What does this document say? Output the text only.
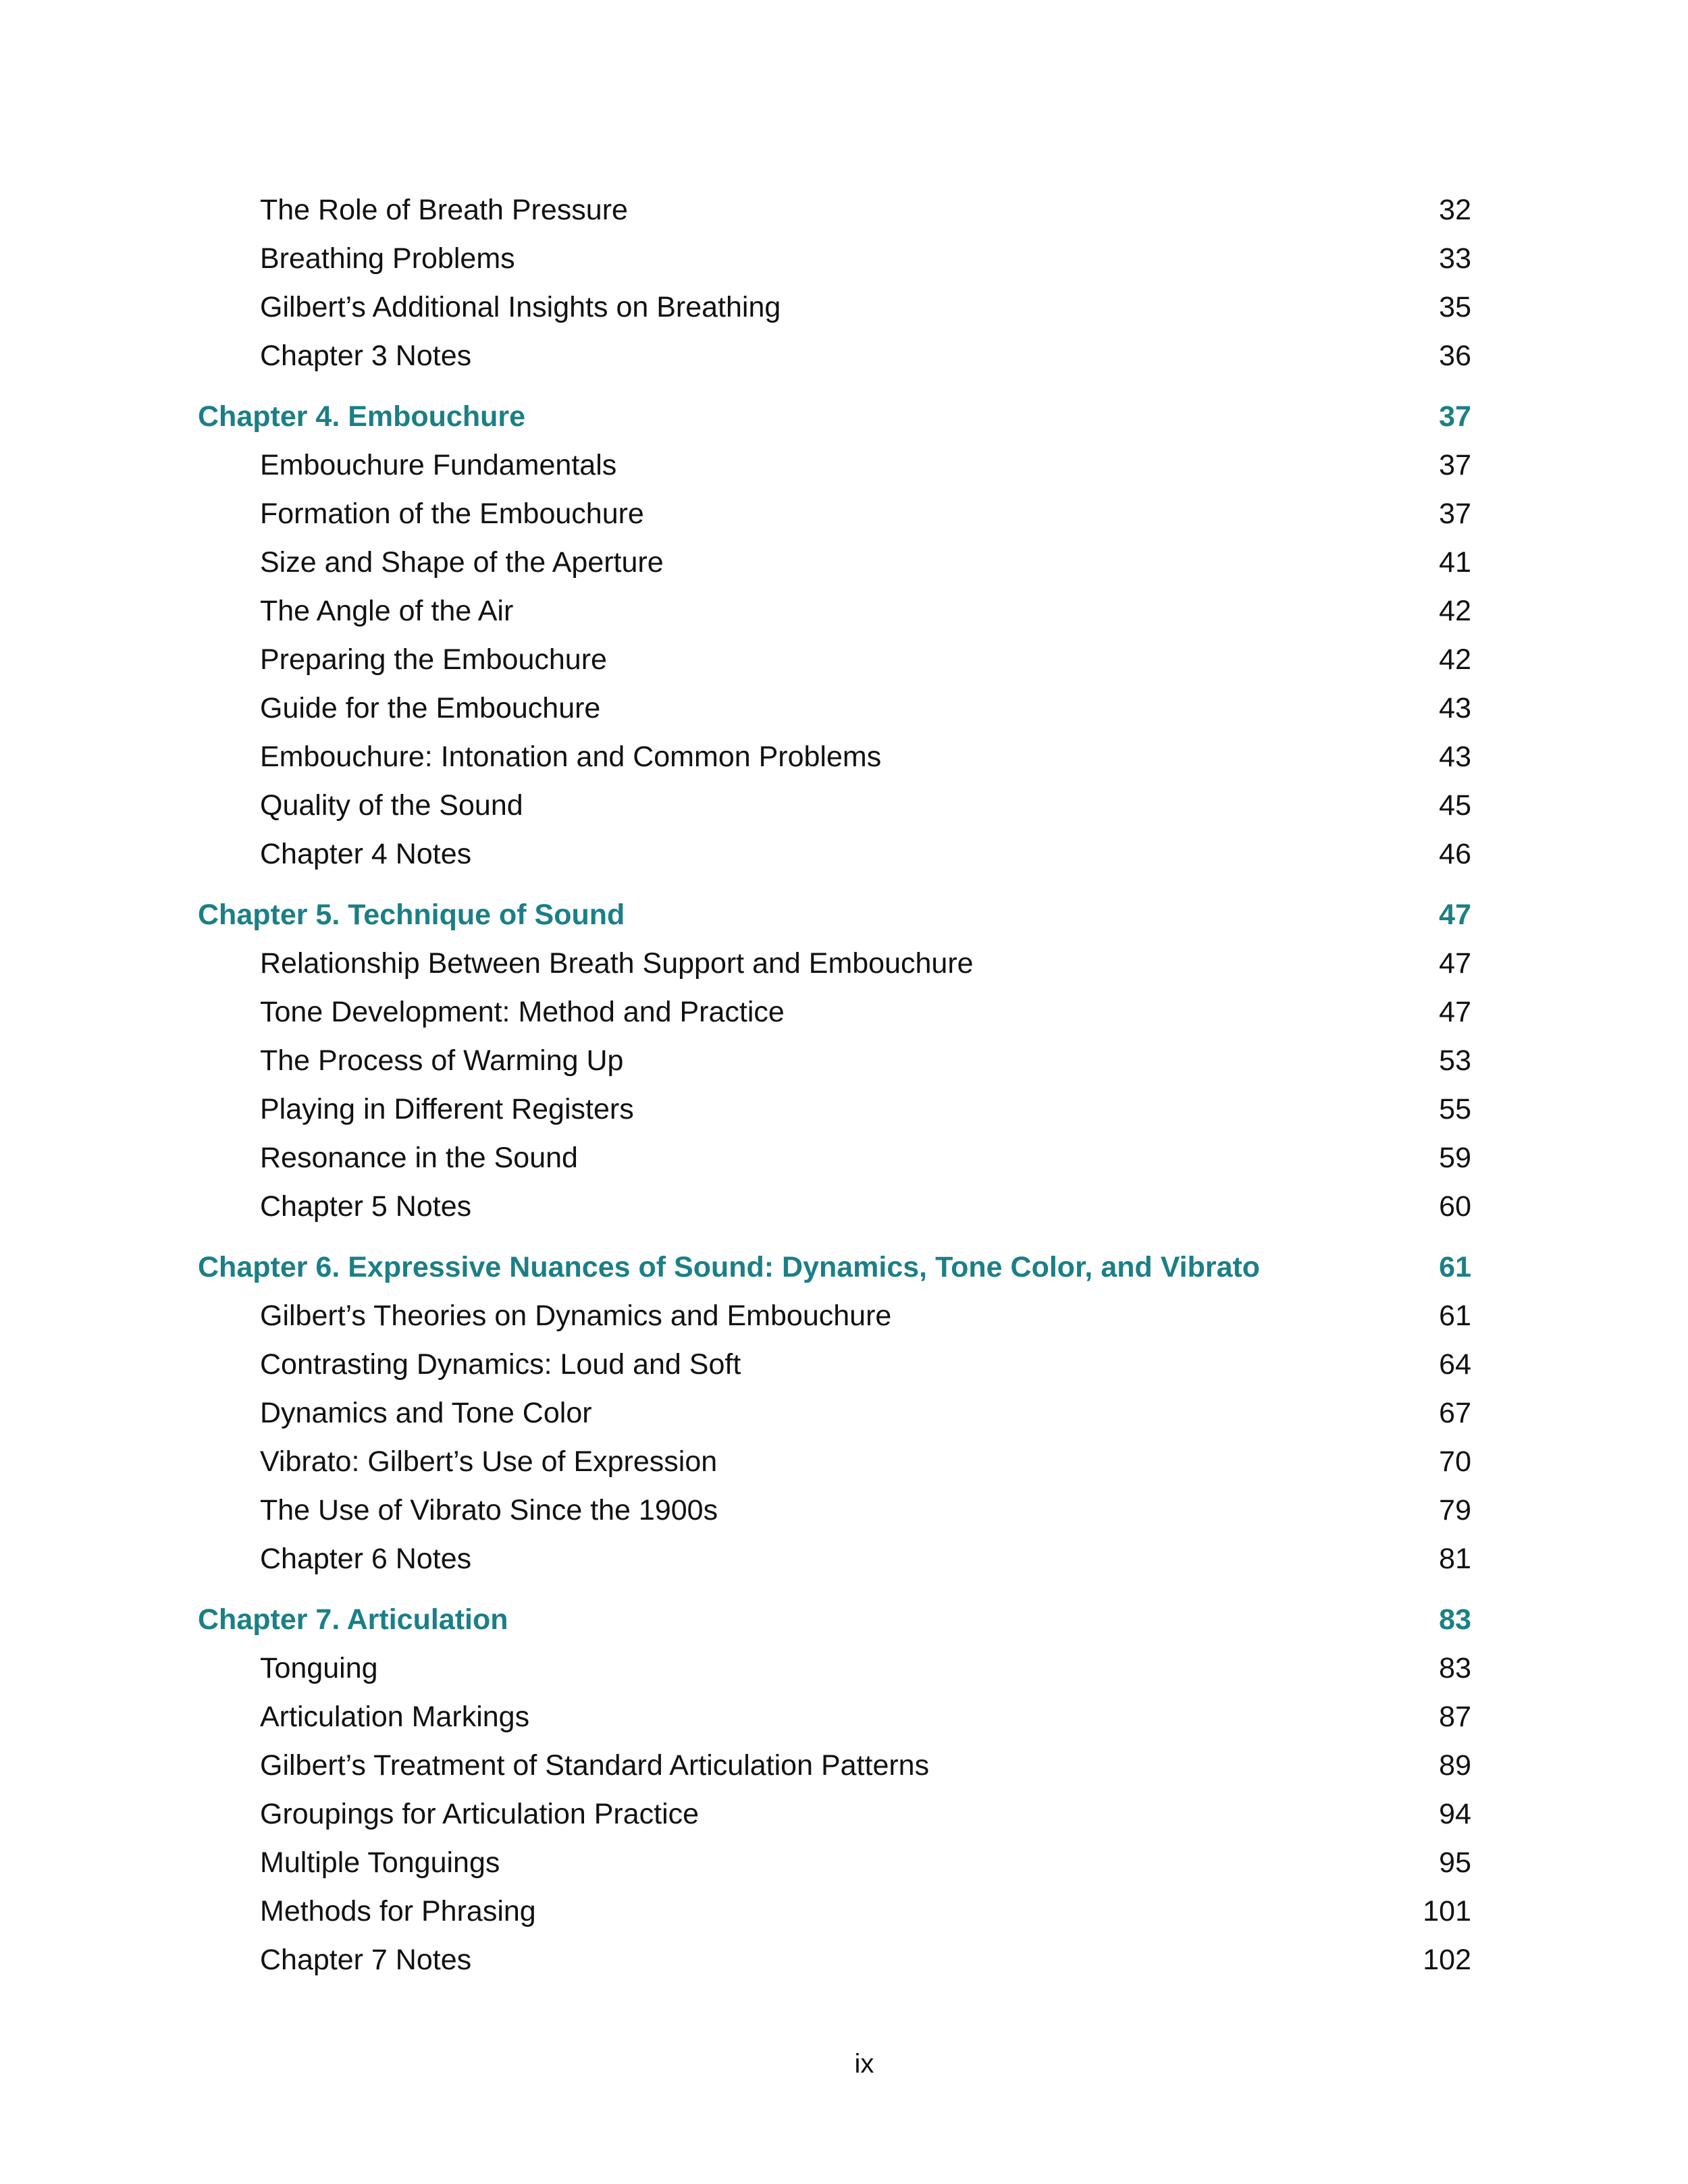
The Role of Breath Pressure	32
Breathing Problems	33
Gilbert’s Additional Insights on Breathing	35
Chapter 3 Notes	36
Chapter 4. Embouchure	37
Embouchure Fundamentals	37
Formation of the Embouchure	37
Size and Shape of the Aperture	41
The Angle of the Air	42
Preparing the Embouchure	42
Guide for the Embouchure	43
Embouchure: Intonation and Common Problems	43
Quality of the Sound	45
Chapter 4 Notes	46
Chapter 5. Technique of Sound	47
Relationship Between Breath Support and Embouchure	47
Tone Development: Method and Practice	47
The Process of Warming Up	53
Playing in Different Registers	55
Resonance in the Sound	59
Chapter 5 Notes	60
Chapter 6. Expressive Nuances of Sound: Dynamics, Tone Color, and Vibrato	61
Gilbert’s Theories on Dynamics and Embouchure	61
Contrasting Dynamics: Loud and Soft	64
Dynamics and Tone Color	67
Vibrato: Gilbert’s Use of Expression	70
The Use of Vibrato Since the 1900s	79
Chapter 6 Notes	81
Chapter 7. Articulation	83
Tonguing	83
Articulation Markings	87
Gilbert’s Treatment of Standard Articulation Patterns	89
Groupings for Articulation Practice	94
Multiple Tonguings	95
Methods for Phrasing	101
Chapter 7 Notes	102
ix
